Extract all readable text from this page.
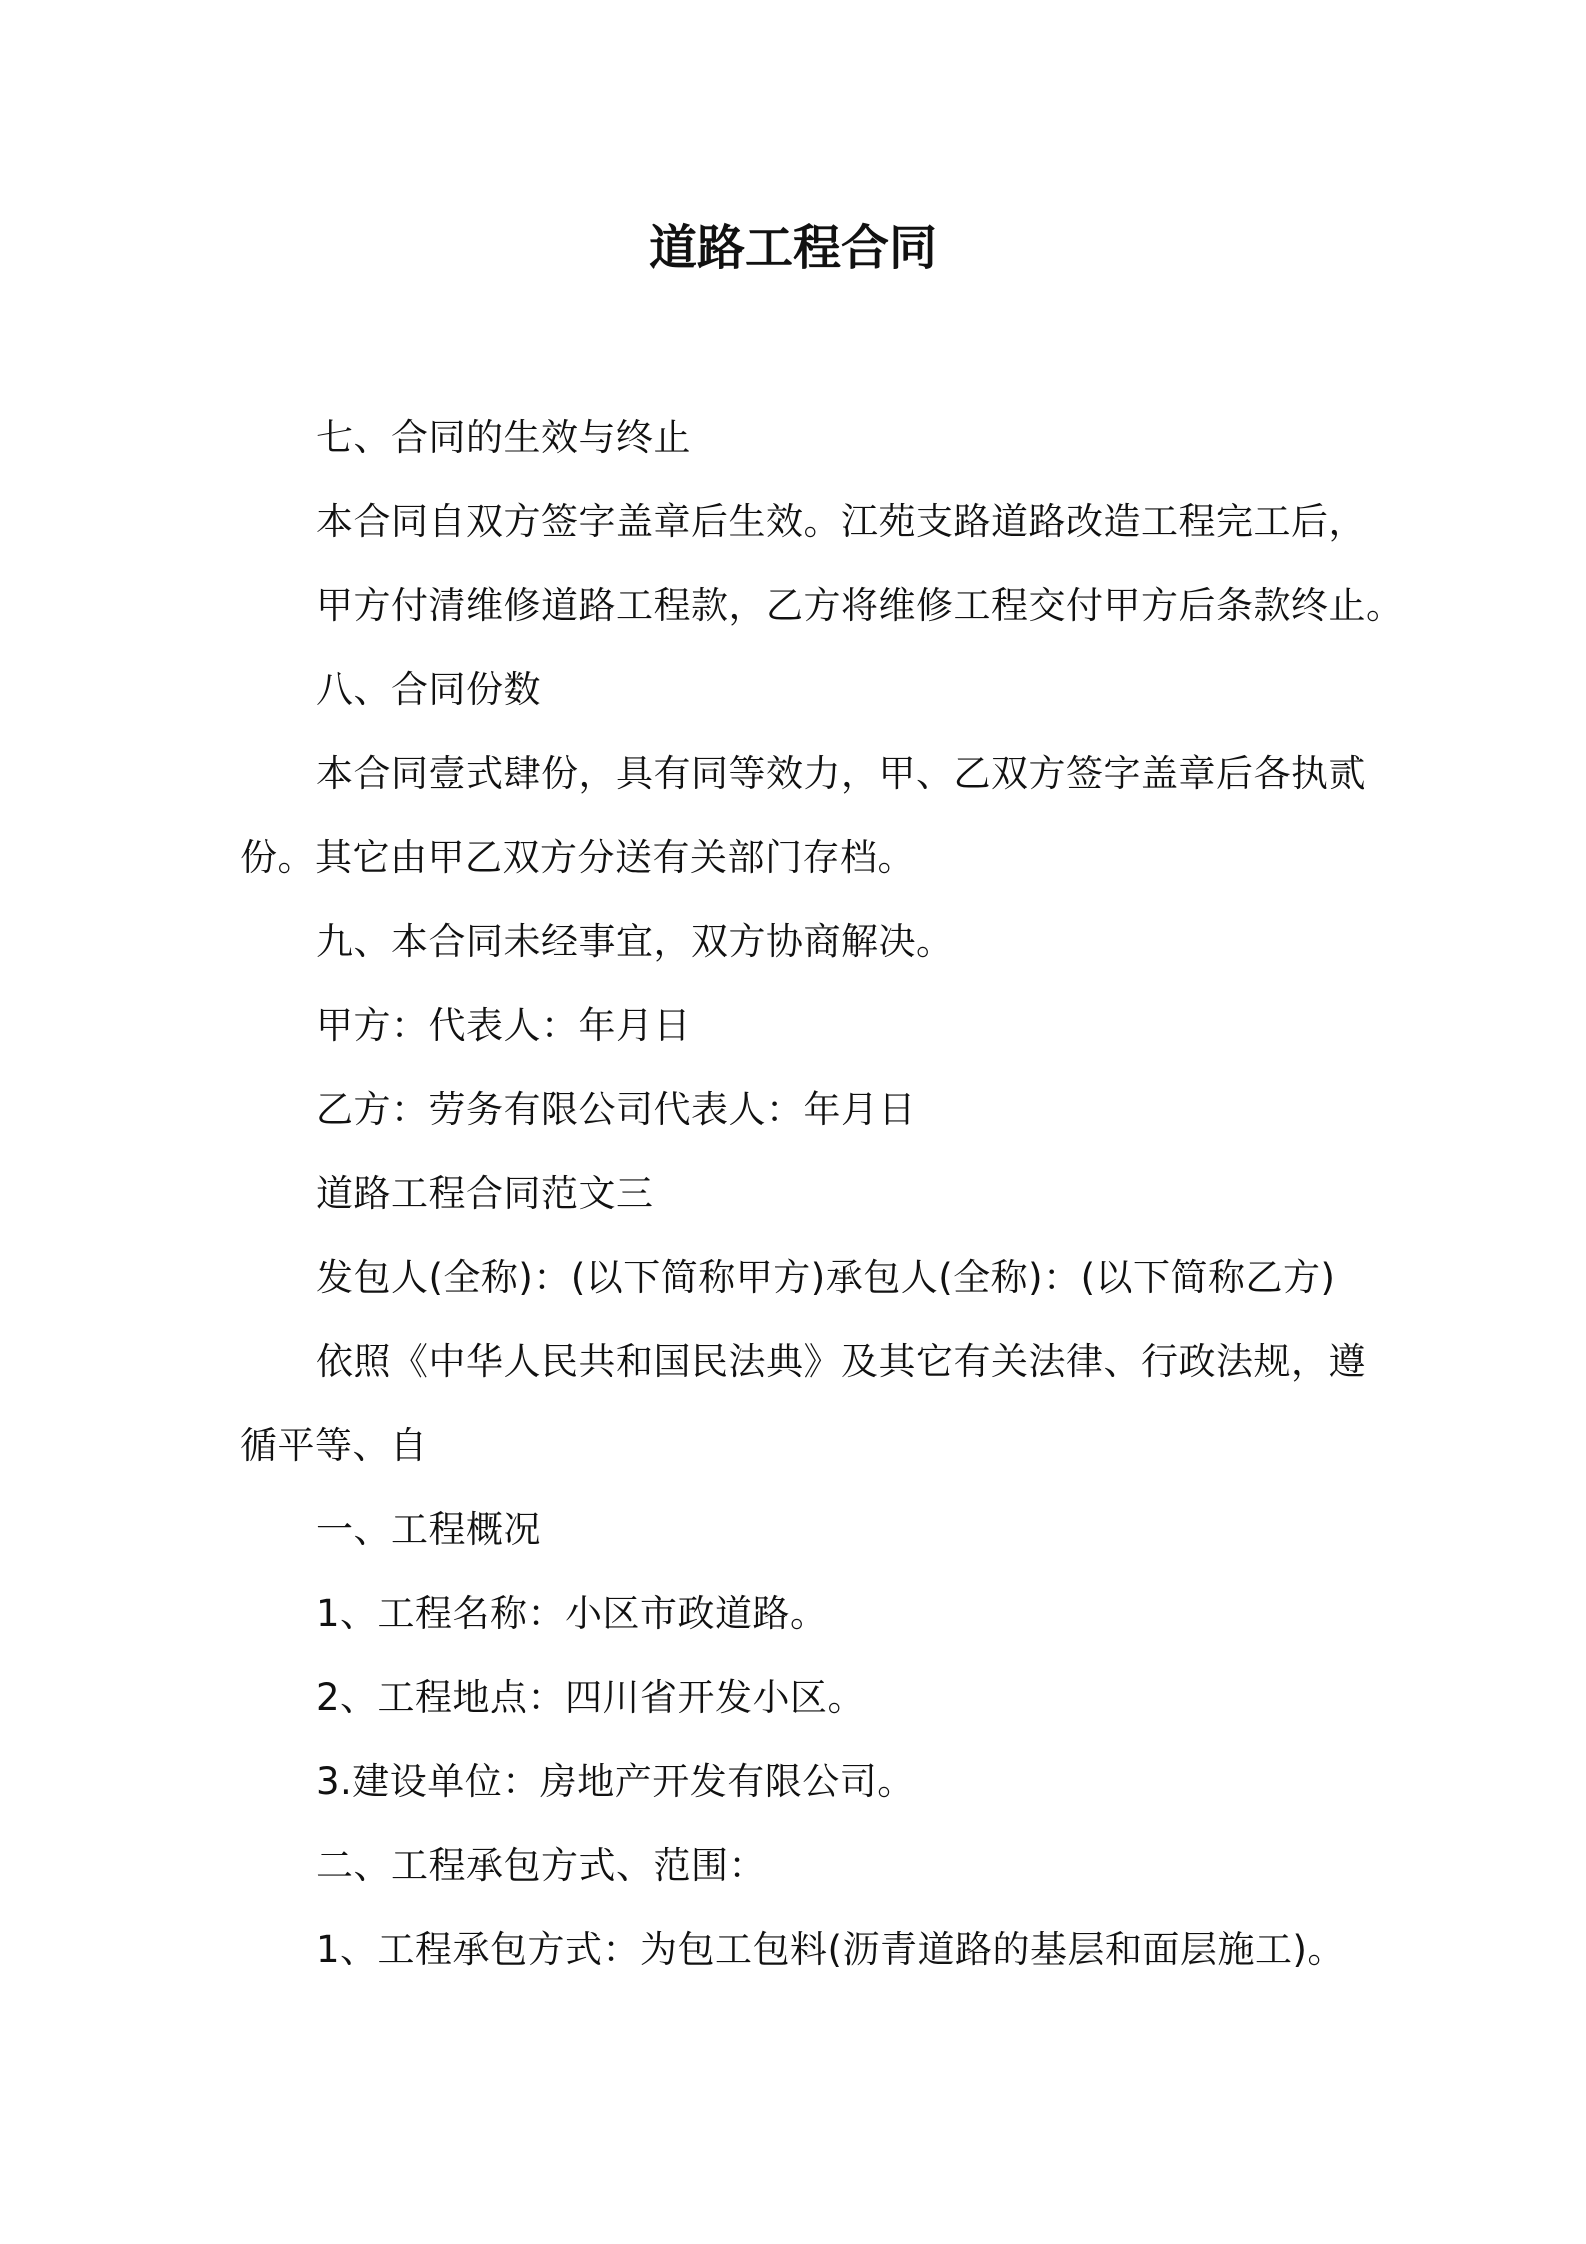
道路工程合同
七、合同的生效与终止
本合同自双方签字盖章后生效。江苑支路道路改造工程完工后，
甲方付清维修道路工程款，乙方将维修工程交付甲方后条款终止。
八、合同份数
本合同壹式肆份，具有同等效力，甲、乙双方签字盖章后各执贰
份。其它由甲乙双方分送有关部门存档。
九、本合同未经事宜，双方协商解决。
甲方：代表人：年月日
乙方：劳务有限公司代表人：年月日
道路工程合同范文三
发包人(全称)：(以下简称甲方)承包人(全称)：(以下简称乙方)
依照《中华人民共和国民法典》及其它有关法律、行政法规，遵
循平等、自
一、工程概况
1、工程名称：小区市政道路。
2、工程地点：四川省开发小区。
3.建设单位：房地产开发有限公司。
二、工程承包方式、范围：
1、工程承包方式：为包工包料(沥青道路的基层和面层施工)。
